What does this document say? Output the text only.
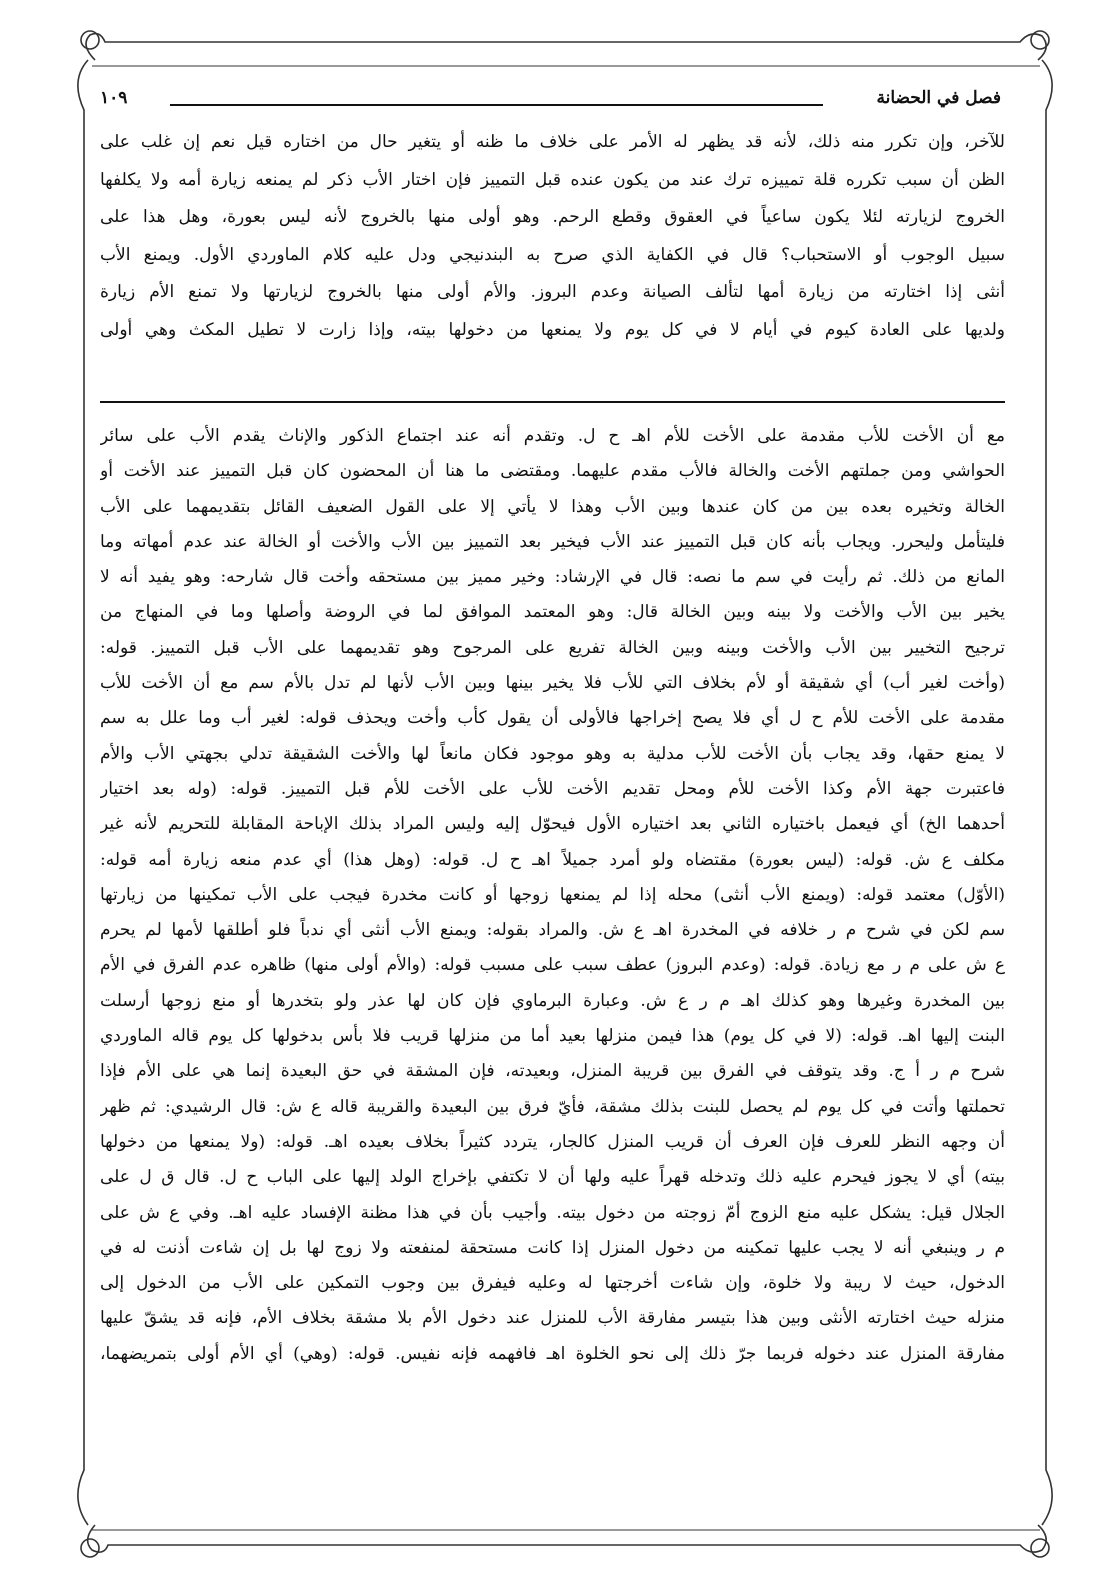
فصل في الحضانة
١٠٩
للآخر، وإن تكرر منه ذلك، لأنه قد يظهر له الأمر على خلاف ما ظنه أو يتغير حال من اختاره قيل نعم إن غلب على
الظن أن سبب تكرره قلة تمييزه ترك عند من يكون عنده قبل التمييز فإن اختار الأب ذكر لم يمنعه زيارة أمه ولا يكلفها
الخروج لزيارته لئلا يكون ساعياً في العقوق وقطع الرحم. وهو أولى منها بالخروج لأنه ليس بعورة، وهل هذا على
سبيل الوجوب أو الاستحباب؟ قال في الكفاية الذي صرح به البندنيجي ودل عليه كلام الماوردي الأول. ويمنع الأب
أنثى إذا اختارته من زيارة أمها لتألف الصيانة وعدم البروز. والأم أولى منها بالخروج لزيارتها ولا تمنع الأم زيارة
ولديها على العادة كيوم في أيام لا في كل يوم ولا يمنعها من دخولها بيته، وإذا زارت لا تطيل المكث وهي أولى
مع أن الأخت للأب مقدمة على الأخت للأم اهـ ح ل. وتقدم أنه عند اجتماع الذكور والإناث يقدم الأب على سائر
الحواشي ومن جملتهم الأخت والخالة فالأب مقدم عليهما. ومقتضى ما هنا أن المحضون كان قبل التمييز عند الأخت أو
الخالة وتخيره بعده بين من كان عندها وبين الأب وهذا لا يأتي إلا على القول الضعيف القائل بتقديمهما على الأب
فليتأمل وليحرر. ويجاب بأنه كان قبل التمييز عند الأب فيخير بعد التمييز بين الأب والأخت أو الخالة عند عدم أمهاته وما
المانع من ذلك. ثم رأيت في سم ما نصه: قال في الإرشاد: وخير مميز بين مستحقه وأخت قال شارحه: وهو يفيد أنه لا
يخير بين الأب والأخت ولا بينه وبين الخالة قال: وهو المعتمد الموافق لما في الروضة وأصلها وما في المنهاج من
ترجيح التخيير بين الأب والأخت وبينه وبين الخالة تفريع على المرجوح وهو تقديمهما على الأب قبل التمييز. قوله:
(وأخت لغير أب) أي شقيقة أو لأم بخلاف التي للأب فلا يخير بينها وبين الأب لأنها لم تدل بالأم سم مع أن الأخت للأب
مقدمة على الأخت للأم ح ل أي فلا يصح إخراجها فالأولى أن يقول كأب وأخت ويحذف قوله: لغير أب وما علل به سم
لا يمنع حقها، وقد يجاب بأن الأخت للأب مدلية به وهو موجود فكان مانعاً لها والأخت الشقيقة تدلي بجهتي الأب والأم
فاعتبرت جهة الأم وكذا الأخت للأم ومحل تقديم الأخت للأب على الأخت للأم قبل التمييز. قوله: (وله بعد اختيار
أحدهما الخ) أي فيعمل باختياره الثاني بعد اختياره الأول فيحوّل إليه وليس المراد بذلك الإباحة المقابلة للتحريم لأنه غير
مكلف ع ش. قوله: (ليس بعورة) مقتضاه ولو أمرد جميلاً اهـ ح ل. قوله: (وهل هذا) أي عدم منعه زيارة أمه قوله:
(الأوّل) معتمد قوله: (ويمنع الأب أنثى) محله إذا لم يمنعها زوجها أو كانت مخدرة فيجب على الأب تمكينها من زيارتها
سم لكن في شرح م ر خلافه في المخدرة اهـ ع ش. والمراد بقوله: ويمنع الأب أنثى أي ندباً فلو أطلقها لأمها لم يحرم
ع ش على م ر مع زيادة. قوله: (وعدم البروز) عطف سبب على مسبب قوله: (والأم أولى منها) ظاهره عدم الفرق في الأم
بين المخدرة وغيرها وهو كذلك اهـ م ر ع ش. وعبارة البرماوي فإن كان لها عذر ولو بتخدرها أو منع زوجها أرسلت
البنت إليها اهـ. قوله: (لا في كل يوم) هذا فيمن منزلها بعيد أما من منزلها قريب فلا بأس بدخولها كل يوم قاله الماوردي
شرح م ر أ ج. وقد يتوقف في الفرق بين قريبة المنزل، وبعيدته، فإن المشقة في حق البعيدة إنما هي على الأم فإذا
تحملتها وأتت في كل يوم لم يحصل للبنت بذلك مشقة، فأيّ فرق بين البعيدة والقريبة قاله ع ش: قال الرشيدي: ثم ظهر
أن وجهه النظر للعرف فإن العرف أن قريب المنزل كالجار، يتردد كثيراً بخلاف بعيده اهـ. قوله: (ولا يمنعها من دخولها
بيته) أي لا يجوز فيحرم عليه ذلك وتدخله قهراً عليه ولها أن لا تكتفي بإخراج الولد إليها على الباب ح ل. قال ق ل على
الجلال قيل: يشكل عليه منع الزوج أمّ زوجته من دخول بيته. وأجيب بأن في هذا مظنة الإفساد عليه اهـ. وفي ع ش على
م ر وينبغي أنه لا يجب عليها تمكينه من دخول المنزل إذا كانت مستحقة لمنفعته ولا زوج لها بل إن شاءت أذنت له في
الدخول، حيث لا ريبة ولا خلوة، وإن شاءت أخرجتها له وعليه فيفرق بين وجوب التمكين على الأب من الدخول إلى
منزله حيث اختارته الأنثى وبين هذا بتيسر مفارقة الأب للمنزل عند دخول الأم بلا مشقة بخلاف الأم، فإنه قد يشقّ عليها
مفارقة المنزل عند دخوله فربما جرّ ذلك إلى نحو الخلوة اهـ فافهمه فإنه نفيس. قوله: (وهي) أي الأم أولى بتمريضهما،
